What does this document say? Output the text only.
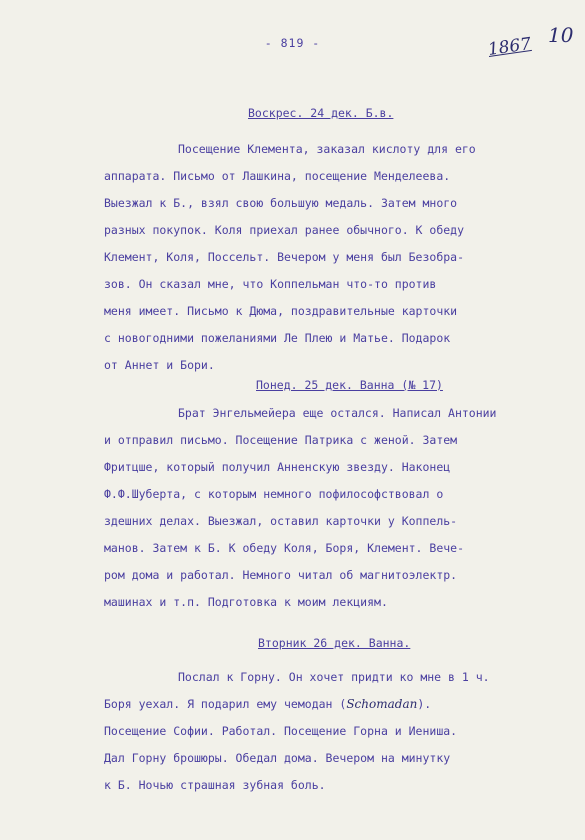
- 819 -	1867 10
Воскрес. 24 дек. Б.в.
Посещение Клемента, заказал кислоту для его
аппарата. Письмо от Лашкина, посещение Менделеева.
Выезжал к Б., взял свою большую медаль. Затем много
разных покупок. Коля приехал ранее обычного. К обеду
Клемент, Коля, Поссельт. Вечером у меня был Безобра-
зов. Он сказал мне, что Коппельман что-то против
меня имеет. Письмо к Дюма, поздравительные карточки
с новогодними пожеланиями Ле Плею и Матье. Подарок
от Аннет и Бори.
Понед. 25 дек. Ванна (№ 17)
Брат Энгельмейера еще остался. Написал Антонии
и отправил письмо. Посещение Патрика с женой. Затем
Фритцше, который получил Анненскую звезду. Наконец
Ф.Ф.Шуберта, с которым немного пофилософствовал о
здешних делах. Выезжал, оставил карточки у Коппель-
манов. Затем к Б. К обеду Коля, Боря, Клемент. Вече-
ром дома и работал. Немного читал об магнитоэлектр.
машинах и т.п. Подготовка к моим лекциям.
Вторник 26 дек. Ванна.
Послал к Горну. Он хочет придти ко мне в 1 ч.
Боря уехал. Я подарил ему чемодан (Schomadan).
Посещение Софии. Работал. Посещение Горна и Иениша.
Дал Горну брошюры. Обедал дома. Вечером на минутку
к Б. Ночью страшная зубная боль.
